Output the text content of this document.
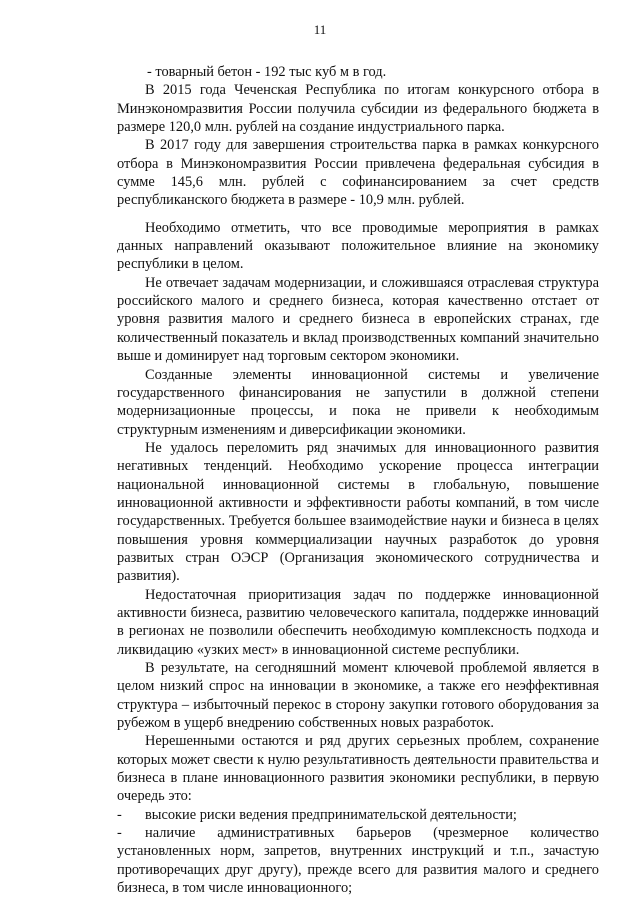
11

- товарный бетон - 192 тыс куб м в год.

В 2015 года Чеченская Республика по итогам конкурсного отбора в Минэкономразвития России получила субсидии из федерального бюджета в размере 120,0 млн. рублей на создание индустриального парка.

В 2017 году для завершения строительства парка в рамках конкурсного отбора в Минэкономразвития России привлечена федеральная субсидия в сумме 145,6 млн. рублей с софинансированием за счет средств республиканского бюджета в размере - 10,9 млн. рублей.

Необходимо отметить, что все проводимые мероприятия в рамках данных направлений оказывают положительное влияние на экономику республики в целом.

Не отвечает задачам модернизации, и сложившаяся отраслевая структура российского малого и среднего бизнеса, которая качественно отстает от уровня развития малого и среднего бизнеса в европейских странах, где количественный показатель и вклад производственных компаний значительно выше и доминирует над торговым сектором экономики.

Созданные элементы инновационной системы и увеличение государственного финансирования не запустили в должной степени модернизационные процессы, и пока не привели к необходимым структурным изменениям и диверсификации экономики.

Не удалось переломить ряд значимых для инновационного развития негативных тенденций. Необходимо ускорение процесса интеграции национальной инновационной системы в глобальную, повышение инновационной активности и эффективности работы компаний, в том числе государственных. Требуется большее взаимодействие науки и бизнеса в целях повышения уровня коммерциализации научных разработок до уровня развитых стран ОЭСР (Организация экономического сотрудничества и развития).

Недостаточная приоритизация задач по поддержке инновационной активности бизнеса, развитию человеческого капитала, поддержке инноваций в регионах не позволили обеспечить необходимую комплексность подхода и ликвидацию «узких мест» в инновационной системе республики.

В результате, на сегодняшний момент ключевой проблемой является в целом низкий спрос на инновации в экономике, а также его неэффективная структура – избыточный перекос в сторону закупки готового оборудования за рубежом в ущерб внедрению собственных новых разработок.

Нерешенными остаются и ряд других серьезных проблем, сохранение которых может свести к нулю результативность деятельности правительства и бизнеса в плане инновационного развития экономики республики, в первую очередь это:

- высокие риски ведения предпринимательской деятельности;

- наличие административных барьеров (чрезмерное количество установленных норм, запретов, внутренних инструкций и т.п., зачастую противоречащих друг другу), прежде всего для развития малого и среднего бизнеса, в том числе инновационного;
